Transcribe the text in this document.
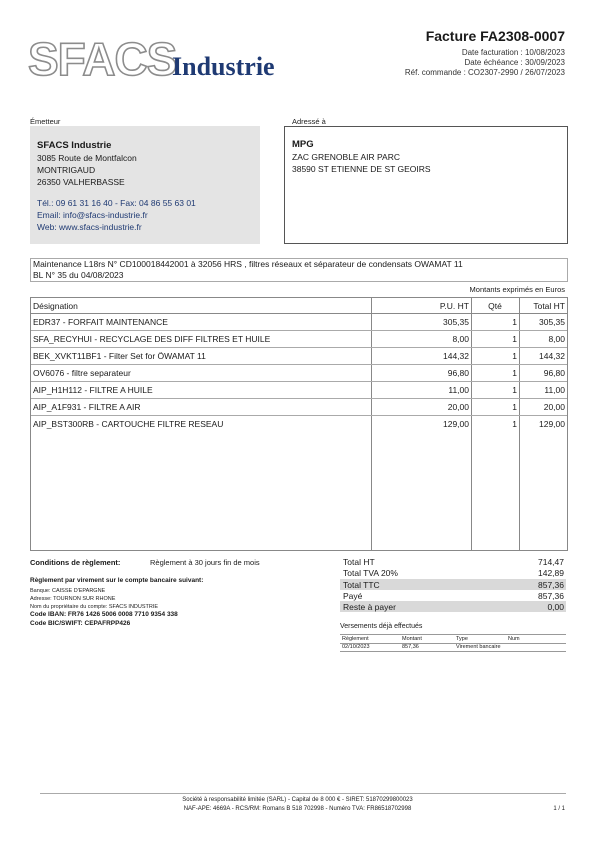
SFACS
Industrie
Facture FA2308-0007
Date facturation : 10/08/2023
Date échéance : 30/09/2023
Réf. commande : CO2307-2990 / 26/07/2023
Émetteur
SFACS Industrie
3085 Route de Montfalcon
MONTRIGAUD
26350 VALHERBASSE
Tél.: 09 61 31 16 40 - Fax: 04 86 55 63 01
Email: info@sfacs-industrie.fr
Web: www.sfacs-industrie.fr
Adressé à
MPG
ZAC GRENOBLE AIR PARC
38590 ST ETIENNE DE ST GEOIRS
Maintenance L18rs N° CD100018442001 à 32056 HRS , filtres réseaux et séparateur de condensats OWAMAT 11
BL N° 35 du 04/08/2023
Montants exprimés en Euros
Désignation	P.U. HT	Qté	Total HT
EDR37 - FORFAIT MAINTENANCE	305,35	1	305,35
SFA_RECYHUI - RECYCLAGE DES DIFF FILTRES ET HUILE	8,00	1	8,00
BEK_XVKT11BF1 - Filter Set for ÖWAMAT 11	144,32	1	144,32
OV6076 - filtre separateur	96,80	1	96,80
AIP_H1H112 - FILTRE A HUILE	11,00	1	11,00
AIP_A1F931 - FILTRE A AIR	20,00	1	20,00
AIP_BST300RB - CARTOUCHE FILTRE RESEAU	129,00	1	129,00
Conditions de règlement:	Règlement à 30 jours fin de mois
Règlement par virement sur le compte bancaire suivant:
Banque: CAISSE D'EPARGNE
Adresse: TOURNON SUR RHONE
Nom du propriétaire du compte: SFACS INDUSTRIE
Code IBAN: FR76 1426 5006 0008 7710 9354 338
Code BIC/SWIFT: CEPAFRPP426
Total HT	714,47
Total TVA 20%	142,89
Total TTC	857,36
Payé	857,36
Reste à payer	0,00
Versements déjà effectués
Règlement	Montant	Type	Num
02/10/2023	857,36	Virement bancaire
Société à responsabilité limitée (SARL) - Capital de 8 000 € - SIRET: 51870299800023
NAF-APE: 4669A - RCS/RM: Romans B 518 702998 - Numéro TVA: FR86518702998	1 / 1
